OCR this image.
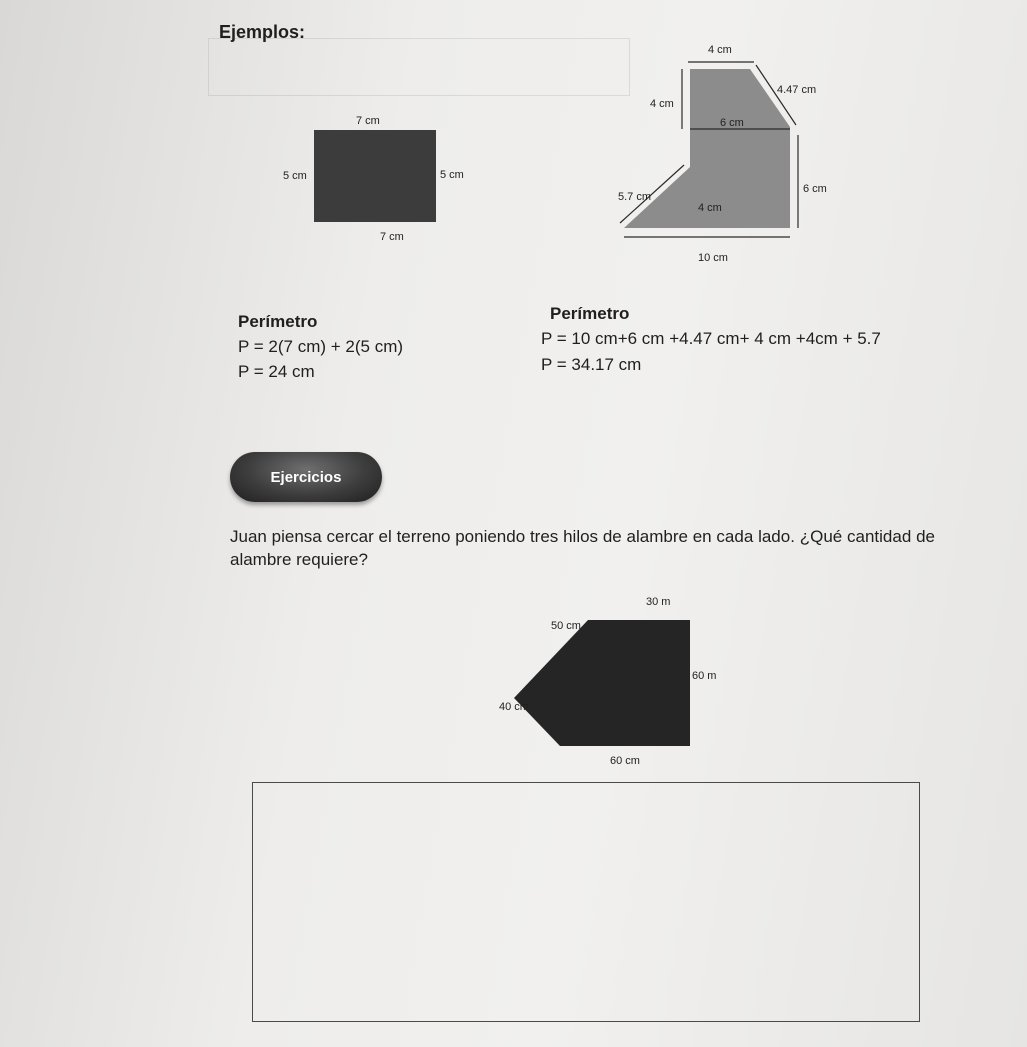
Ejemplos:
7 cm
5 cm	5 cm
7 cm
4 cm
4.47 cm
4 cm
6 cm
6 cm
5.7 cm
4 cm
10 cm
Perímetro
P = 2(7 cm) + 2(5 cm)
P = 24 cm
Perímetro
P = 10 cm+6 cm +4.47 cm+ 4 cm +4cm + 5.7
P = 34.17 cm
Ejercicios
Juan piensa cercar el terreno poniendo tres hilos de alambre en cada lado. ¿Qué cantidad de alambre requiere?
30 m
50 cm
60 m
40 cm
60 cm
